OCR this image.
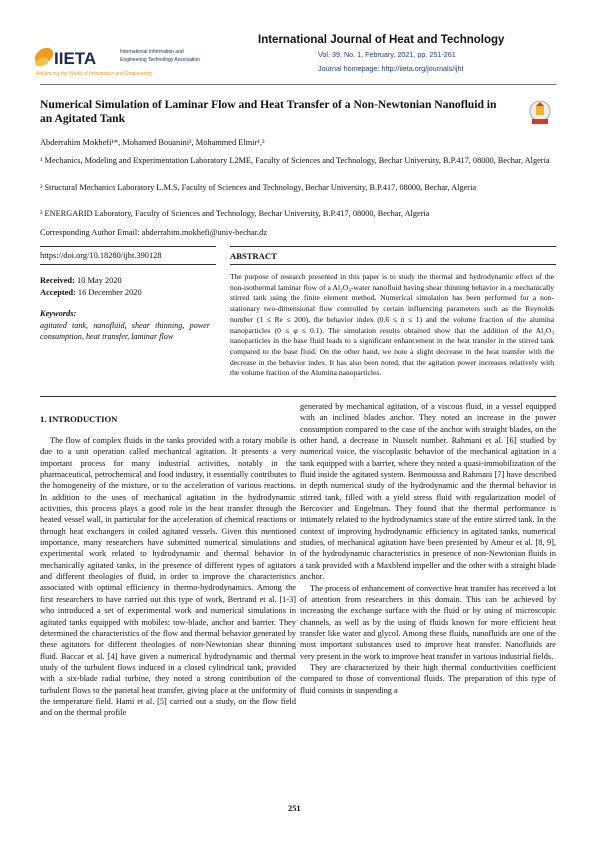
IIETA	International Information and
Engineering Technology Association
Advancing the World of Information and Engineering
International Journal of Heat and Technology
Vol. 39, No. 1, February, 2021, pp. 251-261
Journal homepage: http://iieta.org/journals/ijht
Numerical Simulation of Laminar Flow and Heat Transfer of a Non-Newtonian Nanofluid in an Agitated Tank
Abderrahim Mokhefi¹*, Mohamed Bouanini², Mohammed Elmir¹,³
¹ Mechanics, Modeling and Experimentation Laboratory L2ME, Faculty of Sciences and Technology, Bechar University, B.P.417, 08000, Bechar, Algeria
² Structural Mechanics Laboratory L.M.S, Faculty of Sciences and Technology, Bechar University, B.P.417, 08000, Bechar, Algeria
³ ENERGARID Laboratory, Faculty of Sciences and Technology, Bechar University, B.P.417, 08000, Bechar, Algeria
Corresponding Author Email: abderrahim.mokhefi@univ-bechar.dz
https://doi.org/10.18280/ijht.390128
Received: 10 May 2020
Accepted: 16 December 2020
Keywords:
agitated tank, nanofluid, shear thinning, power consumption, heat transfer, laminar flow
ABSTRACT
The purpose of research presented in this paper is to study the thermal and hydrodynamic effect of the non-isothermal laminar flow of a Al₂O₃-water nanofluid having shear thinning behavior in a mechanically stirred tank using the finite element method. Numerical simulation has been performed for a non-stationary two-dimensional flow controlled by certain influencing parameters such as the Reynolds number (1 ≤ Re ≤ 200), the behavior index (0.6 ≤ n ≤ 1) and the volume fraction of the alumina nanoparticles (0 ≤ φ ≤ 0.1). The simulation results obtained show that the addition of the Al₂O₃ nanoparticles in the base fluid leads to a significant enhancement in the heat transfer in the stirred tank compared to the base fluid. On the other hand, we note a slight decrease in the heat transfer with the decrease in the behavior index. It has also been noted, that the agitation power increases relatively with the volume fraction of the Alumina nanoparticles.
1. INTRODUCTION

The flow of complex fluids in the tanks provided with a rotary mobile is due to a unit operation called mechanical agitation. It presents a very important process for many industrial activities, notably in the pharmaceutical, petrochemical and food industry, it essentially contributes to the homogeneity of the mixture, or to the acceleration of various reactions. In addition to the uses of mechanical agitation in the hydrodynamic activities, this process plays a good role in the heat transfer through the heated vessel wall, in particular for the acceleration of chemical reactions or through heat exchangers in coiled agitated vessels. Given this mentioned importance, many researchers have submitted numerical simulations and experimental work related to hydrodynamic and thermal behavior in mechanically agitated tanks, in the presence of different types of agitators and different theologies of fluid, in order to improve the characteristics associated with optimal efficiency in thermo-hydrodynamics. Among the first researchers to have carried out this type of work, Bertrand et al. [1-3] who introduced a set of experimental work and numerical simulations in agitated tanks equipped with mobiles: tow-blade, anchor and barrier. They determined the characteristics of the flow and thermal behavior generated by these agitators for different theologies of non-Newtonian shear thinning fluid. Baccar et al. [4] have given a numerical hydrodynamic and thermal study of the turbulent flows induced in a closed cylindrical tank, provided with a six-blade radial turbine, they noted a strong contribution of the turbulent flows to the parietal heat transfer, giving place at the uniformity of the temperature field. Hami et al. [5] carried out a study, on the flow field and on the thermal profile

generated by mechanical agitation, of a viscous fluid, in a vessel equipped with an inclined blades anchor. They noted an increase in the power consumption compared to the case of the anchor with straight blades, on the other hand, a decrease in Nusselt number. Rahmani et al. [6] studied by numerical voice, the viscoplastic behavior of the mechanical agitation in a tank equipped with a barrier, where they noted a quasi-immobilization of the fluid inside the agitated system. Benmoussa and Rahmani [7] have described in depth numerical study of the hydrodynamic and the thermal behavior in stirred tank, filled with a yield stress fluid with regularization model of Bercovier and Engelman. They found that the thermal performance is intimately related to the hydrodynamics state of the entire stirred tank. In the context of improving hydrodynamic efficiency in agitated tanks, numerical studies, of mechanical agitation have been presented by Ameur et al. [8, 9], of the hydrodynamic characteristics in presence of non-Newtonian fluids in a tank provided with a Maxblend impeller and the other with a straight blade anchor.

The process of enhancement of convective heat transfer has received a lot of attention from researchers in this domain. This can be achieved by increasing the exchange surface with the fluid or by using of microscopic channels, as well as by the using of fluids known for more efficient heat transfer like water and glycol. Among these fluids, nanofluids are one of the most important substances used to improve heat transfer. Nanofluids are very present in the work to improve heat transfer in various industrial fields.

They are characterized by their high thermal conductivities coefficient compared to those of conventional fluids. The preparation of this type of fluid consists in suspending a

251
